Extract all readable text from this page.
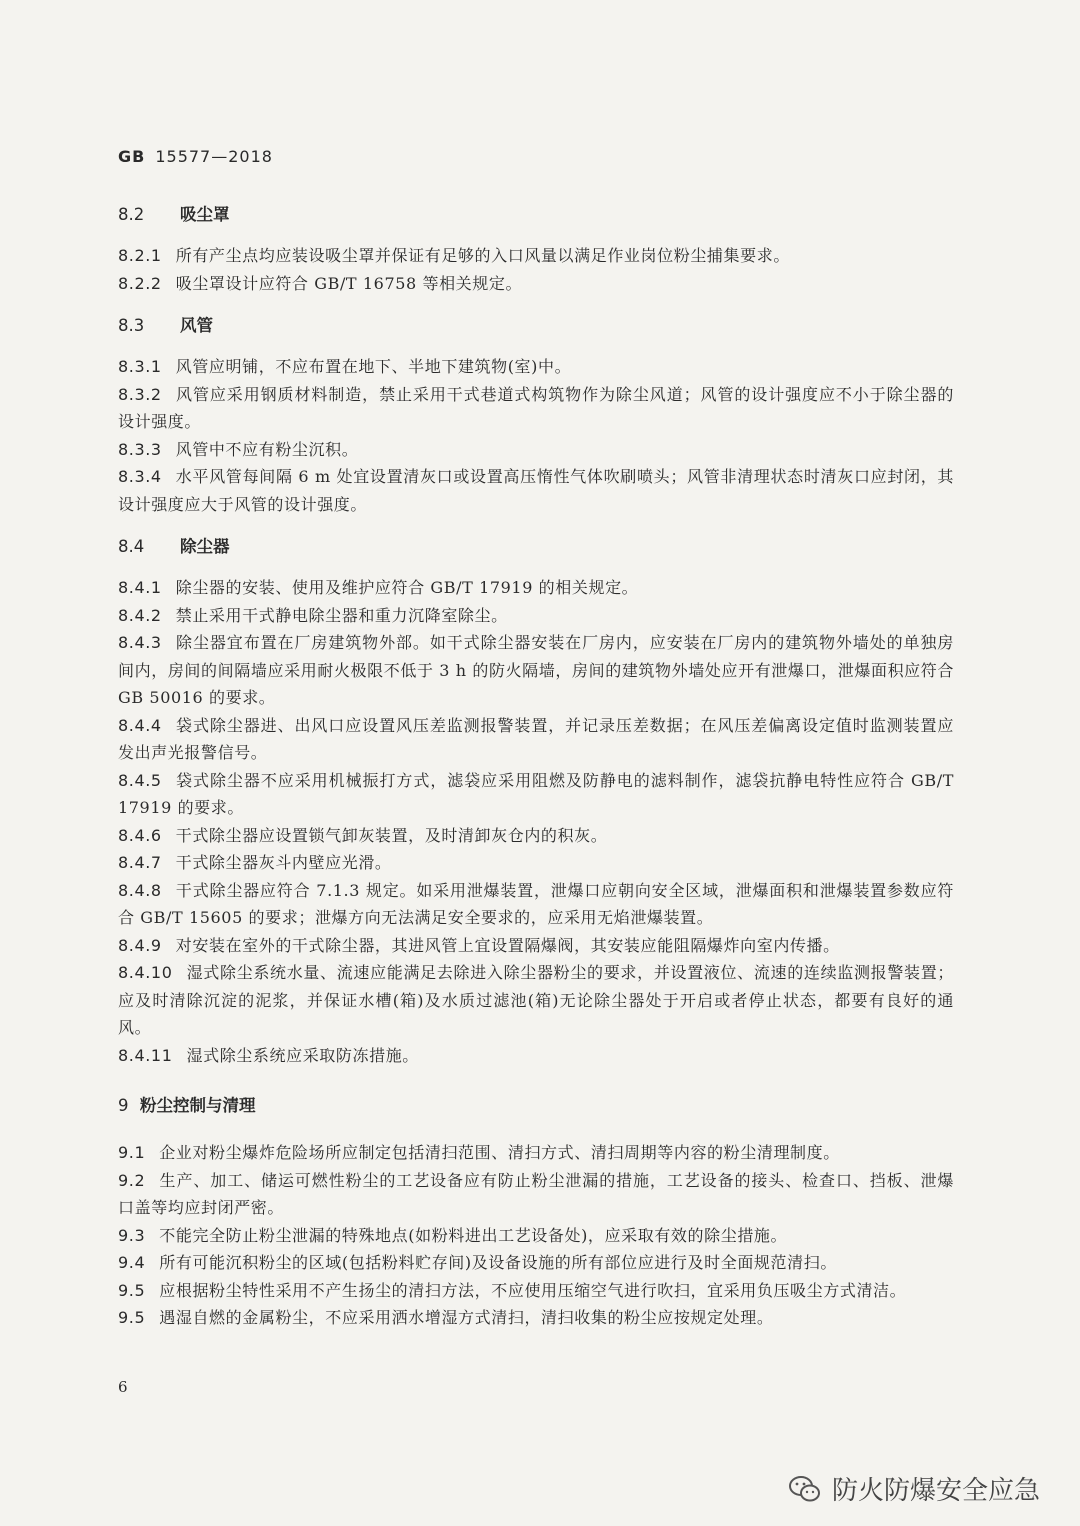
GB 15577—2018
8.2 吸尘罩

8.2.1 所有产尘点均应装设吸尘罩并保证有足够的入口风量以满足作业岗位粉尘捕集要求。

8.2.2 吸尘罩设计应符合 GB/T 16758 等相关规定。

8.3 风管

8.3.1 风管应明铺，不应布置在地下、半地下建筑物(室)中。

8.3.2 风管应采用钢质材料制造，禁止采用干式巷道式构筑物作为除尘风道；风管的设计强度应不小于除尘器的设计强度。

8.3.3 风管中不应有粉尘沉积。

8.3.4 水平风管每间隔 6 m 处宜设置清灰口或设置高压惰性气体吹刷喷头；风管非清理状态时清灰口应封闭，其设计强度应大于风管的设计强度。

8.4 除尘器

8.4.1 除尘器的安装、使用及维护应符合 GB/T 17919 的相关规定。

8.4.2 禁止采用干式静电除尘器和重力沉降室除尘。

8.4.3 除尘器宜布置在厂房建筑物外部。如干式除尘器安装在厂房内，应安装在厂房内的建筑物外墙处的单独房间内，房间的间隔墙应采用耐火极限不低于 3 h 的防火隔墙，房间的建筑物外墙处应开有泄爆口，泄爆面积应符合 GB 50016 的要求。

8.4.4 袋式除尘器进、出风口应设置风压差监测报警装置，并记录压差数据；在风压差偏离设定值时监测装置应发出声光报警信号。

8.4.5 袋式除尘器不应采用机械振打方式，滤袋应采用阻燃及防静电的滤料制作，滤袋抗静电特性应符合 GB/T 17919 的要求。

8.4.6 干式除尘器应设置锁气卸灰装置，及时清卸灰仓内的积灰。

8.4.7 干式除尘器灰斗内壁应光滑。

8.4.8 干式除尘器应符合 7.1.3 规定。如采用泄爆装置，泄爆口应朝向安全区域，泄爆面积和泄爆装置参数应符合 GB/T 15605 的要求；泄爆方向无法满足安全要求的，应采用无焰泄爆装置。

8.4.9 对安装在室外的干式除尘器，其进风管上宜设置隔爆阀，其安装应能阻隔爆炸向室内传播。

8.4.10 湿式除尘系统水量、流速应能满足去除进入除尘器粉尘的要求，并设置液位、流速的连续监测报警装置；应及时清除沉淀的泥浆，并保证水槽(箱)及水质过滤池(箱)无论除尘器处于开启或者停止状态，都要有良好的通风。

8.4.11 湿式除尘系统应采取防冻措施。

9 粉尘控制与清理

9.1 企业对粉尘爆炸危险场所应制定包括清扫范围、清扫方式、清扫周期等内容的粉尘清理制度。

9.2 生产、加工、储运可燃性粉尘的工艺设备应有防止粉尘泄漏的措施，工艺设备的接头、检查口、挡板、泄爆口盖等均应封闭严密。

9.3 不能完全防止粉尘泄漏的特殊地点(如粉料进出工艺设备处)，应采取有效的除尘措施。

9.4 所有可能沉积粉尘的区域(包括粉料贮存间)及设备设施的所有部位应进行及时全面规范清扫。

9.5 应根据粉尘特性采用不产生扬尘的清扫方法，不应使用压缩空气进行吹扫，宜采用负压吸尘方式清洁。

9.5 遇湿自燃的金属粉尘，不应采用洒水增湿方式清扫，清扫收集的粉尘应按规定处理。

6
防火防爆安全应急
